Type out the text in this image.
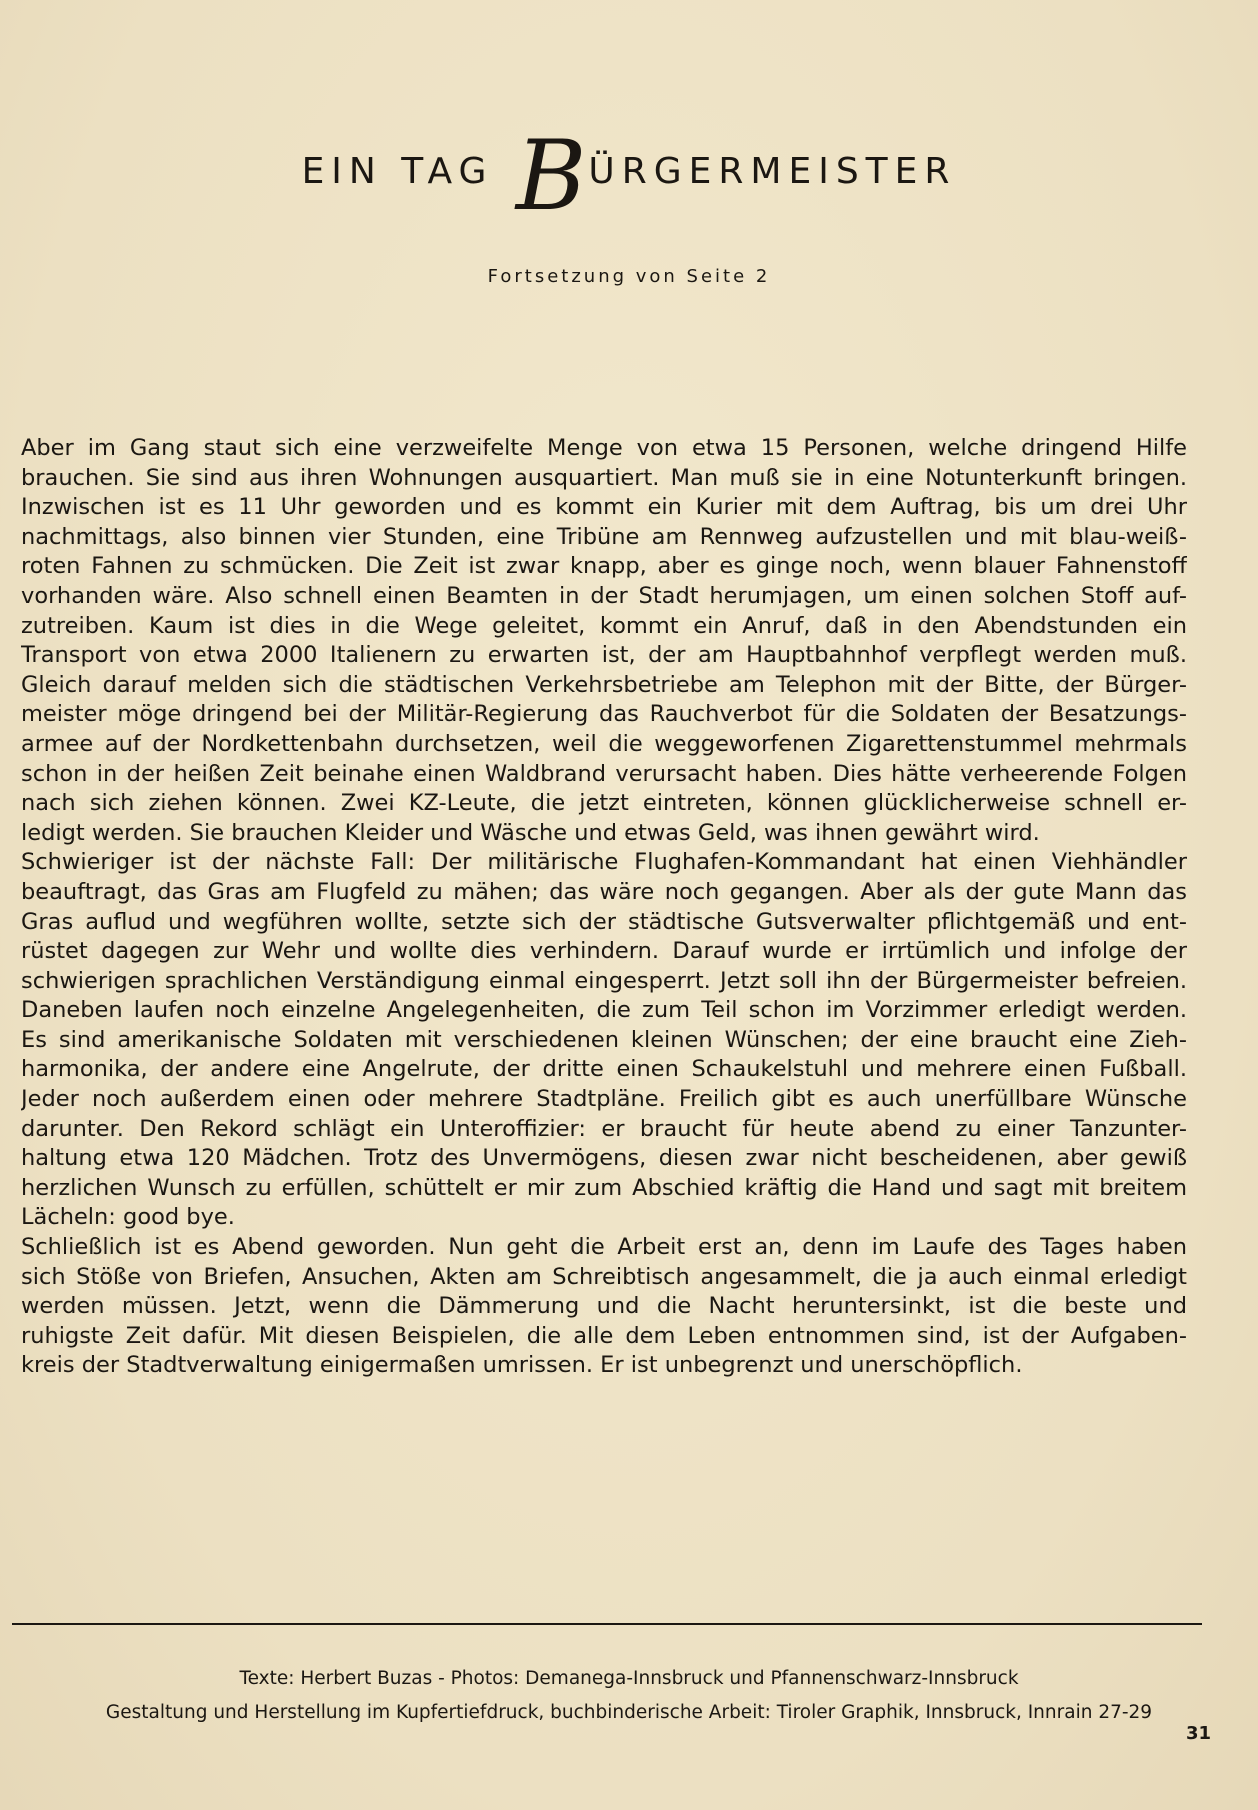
EIN TAG BÜRGERMEISTER
Fortsetzung von Seite 2
Aber im Gang staut sich eine verzweifelte Menge von etwa 15 Personen, welche dringend Hilfe
brauchen. Sie sind aus ihren Wohnungen ausquartiert. Man muß sie in eine Notunterkunft bringen.
Inzwischen ist es 11 Uhr geworden und es kommt ein Kurier mit dem Auftrag, bis um drei Uhr
nachmittags, also binnen vier Stunden, eine Tribüne am Rennweg aufzustellen und mit blau-weiß-
roten Fahnen zu schmücken. Die Zeit ist zwar knapp, aber es ginge noch, wenn blauer Fahnenstoff
vorhanden wäre. Also schnell einen Beamten in der Stadt herumjagen, um einen solchen Stoff auf-
zutreiben. Kaum ist dies in die Wege geleitet, kommt ein Anruf, daß in den Abendstunden ein
Transport von etwa 2000 Italienern zu erwarten ist, der am Hauptbahnhof verpflegt werden muß.
Gleich darauf melden sich die städtischen Verkehrsbetriebe am Telephon mit der Bitte, der Bürger-
meister möge dringend bei der Militär-Regierung das Rauchverbot für die Soldaten der Besatzungs-
armee auf der Nordkettenbahn durchsetzen, weil die weggeworfenen Zigarettenstummel mehrmals
schon in der heißen Zeit beinahe einen Waldbrand verursacht haben. Dies hätte verheerende Folgen
nach sich ziehen können. Zwei KZ-Leute, die jetzt eintreten, können glücklicherweise schnell er-
ledigt werden. Sie brauchen Kleider und Wäsche und etwas Geld, was ihnen gewährt wird.
Schwieriger ist der nächste Fall: Der militärische Flughafen-Kommandant hat einen Viehhändler
beauftragt, das Gras am Flugfeld zu mähen; das wäre noch gegangen. Aber als der gute Mann das
Gras auflud und wegführen wollte, setzte sich der städtische Gutsverwalter pflichtgemäß und ent-
rüstet dagegen zur Wehr und wollte dies verhindern. Darauf wurde er irrtümlich und infolge der
schwierigen sprachlichen Verständigung einmal eingesperrt. Jetzt soll ihn der Bürgermeister befreien.
Daneben laufen noch einzelne Angelegenheiten, die zum Teil schon im Vorzimmer erledigt werden.
Es sind amerikanische Soldaten mit verschiedenen kleinen Wünschen; der eine braucht eine Zieh-
harmonika, der andere eine Angelrute, der dritte einen Schaukelstuhl und mehrere einen Fußball.
Jeder noch außerdem einen oder mehrere Stadtpläne. Freilich gibt es auch unerfüllbare Wünsche
darunter. Den Rekord schlägt ein Unteroffizier: er braucht für heute abend zu einer Tanzunter-
haltung etwa 120 Mädchen. Trotz des Unvermögens, diesen zwar nicht bescheidenen, aber gewiß
herzlichen Wunsch zu erfüllen, schüttelt er mir zum Abschied kräftig die Hand und sagt mit breitem
Lächeln: good bye.
Schließlich ist es Abend geworden. Nun geht die Arbeit erst an, denn im Laufe des Tages haben
sich Stöße von Briefen, Ansuchen, Akten am Schreibtisch angesammelt, die ja auch einmal erledigt
werden müssen. Jetzt, wenn die Dämmerung und die Nacht heruntersinkt, ist die beste und
ruhigste Zeit dafür. Mit diesen Beispielen, die alle dem Leben entnommen sind, ist der Aufgaben-
kreis der Stadtverwaltung einigermaßen umrissen. Er ist unbegrenzt und unerschöpflich.
Texte: Herbert Buzas - Photos: Demanega-Innsbruck und Pfannenschwarz-Innsbruck
Gestaltung und Herstellung im Kupfertiefdruck, buchbinderische Arbeit: Tiroler Graphik, Innsbruck, Innrain 27-29
31
